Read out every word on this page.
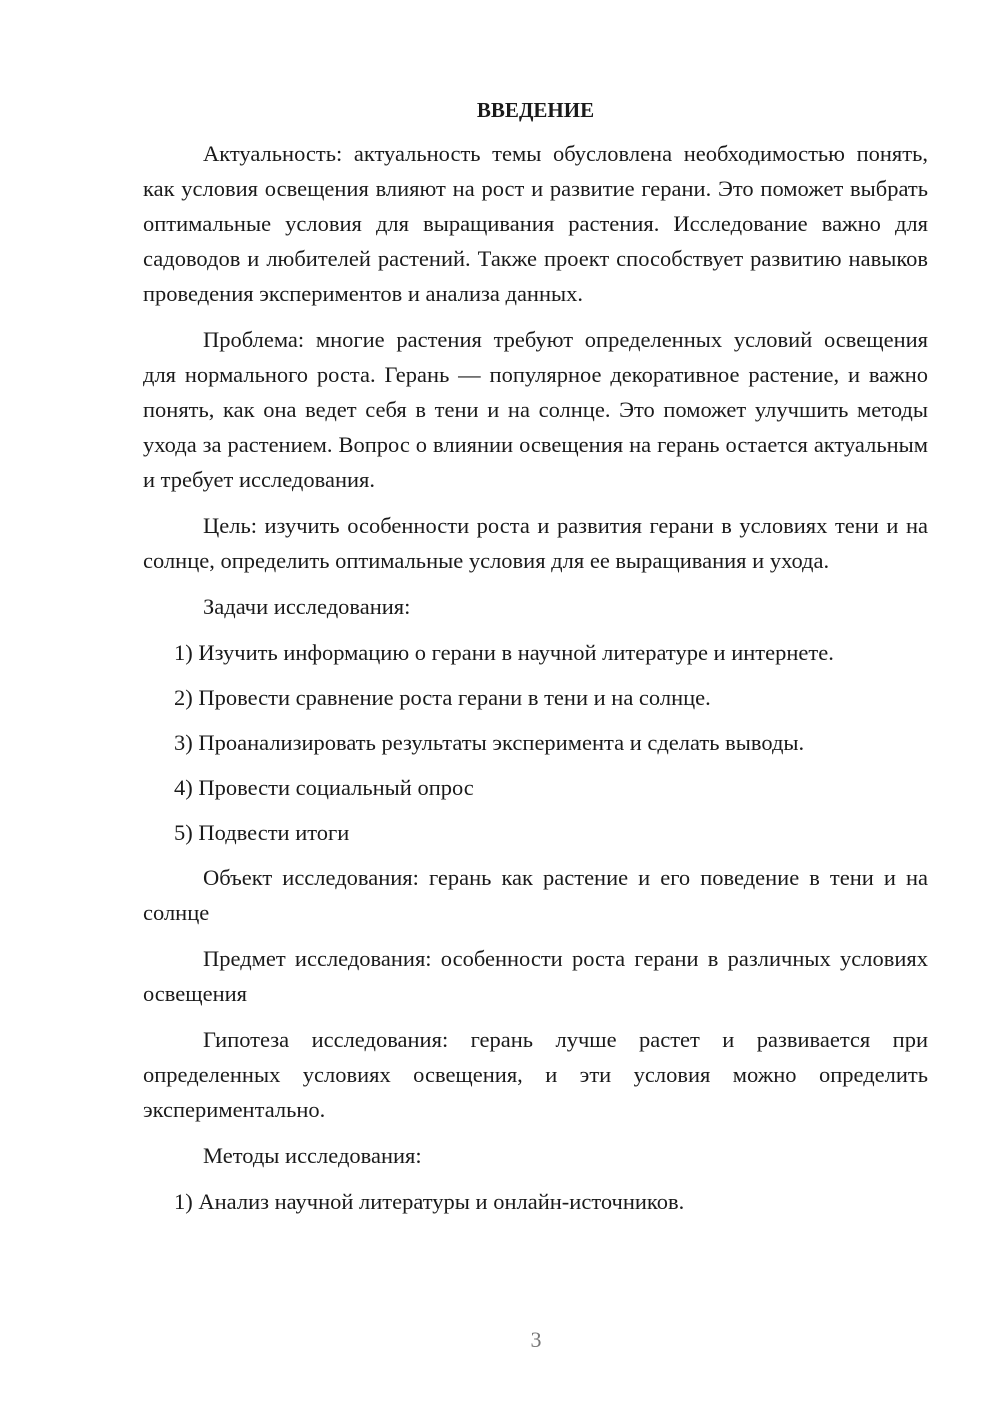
ВВЕДЕНИЕ

Актуальность: актуальность темы обусловлена необходимостью понять, как условия освещения влияют на рост и развитие герани. Это поможет выбрать оптимальные условия для выращивания растения. Исследование важно для садоводов и любителей растений. Также проект способствует развитию навыков проведения экспериментов и анализа данных.

Проблема: многие растения требуют определенных условий освещения для нормального роста. Герань — популярное декоративное растение, и важно понять, как она ведет себя в тени и на солнце. Это поможет улучшить методы ухода за растением. Вопрос о влиянии освещения на герань остается актуальным и требует исследования.

Цель: изучить особенности роста и развития герани в условиях тени и на солнце, определить оптимальные условия для ее выращивания и ухода.

Задачи исследования:

1) Изучить информацию о герани в научной литературе и интернете.

2) Провести сравнение роста герани в тени и на солнце.

3) Проанализировать результаты эксперимента и сделать выводы.

4) Провести социальный опрос

5) Подвести итоги

Объект исследования: герань как растение и его поведение в тени и на солнце

Предмет исследования: особенности роста герани в различных условиях освещения

Гипотеза исследования: герань лучше растет и развивается при определенных условиях освещения, и эти условия можно определить экспериментально.

Методы исследования:

1) Анализ научной литературы и онлайн-источников.

3
